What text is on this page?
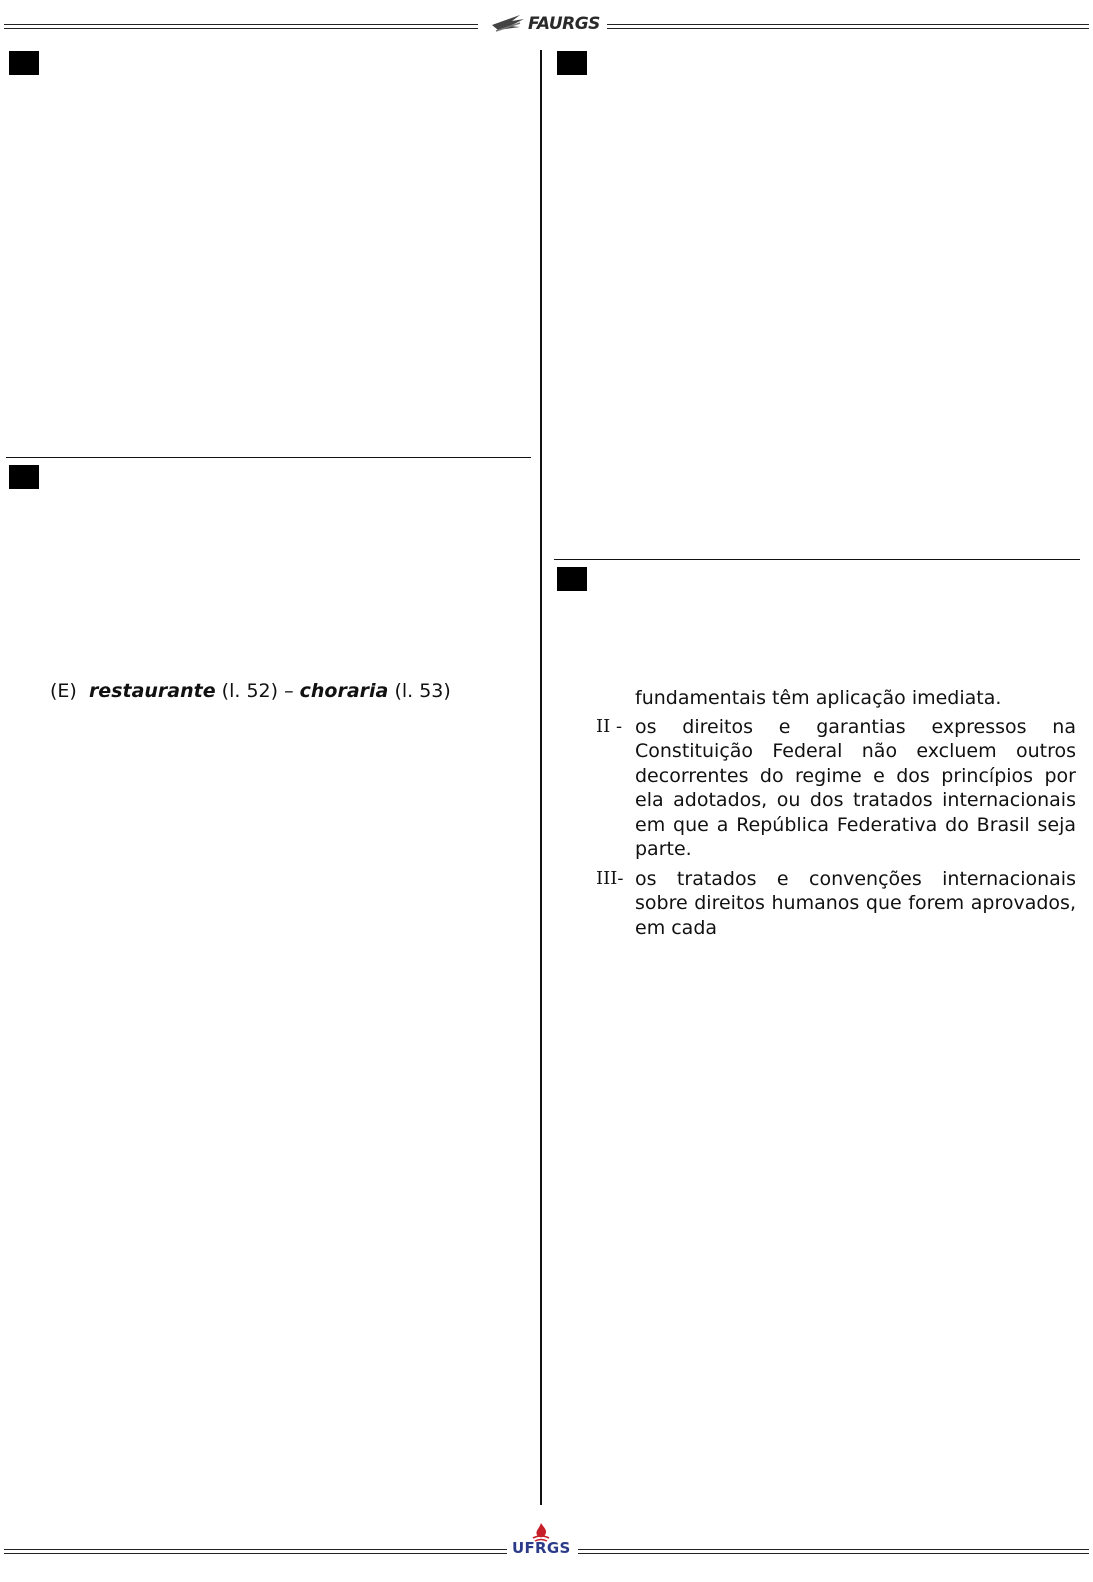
FAURGS
(E) restaurante (l. 52) – choraria (l. 53)	fundamentais têm aplicação imediata.
II - os direitos e garantias expressos na Constituição Federal não excluem outros decorrentes do regime e dos princípios por ela adotados, ou dos tratados internacionais em que a República Federativa do Brasil seja parte.
III- os tratados e convenções internacionais sobre direitos humanos que forem aprovados, em cada
UFRGS
